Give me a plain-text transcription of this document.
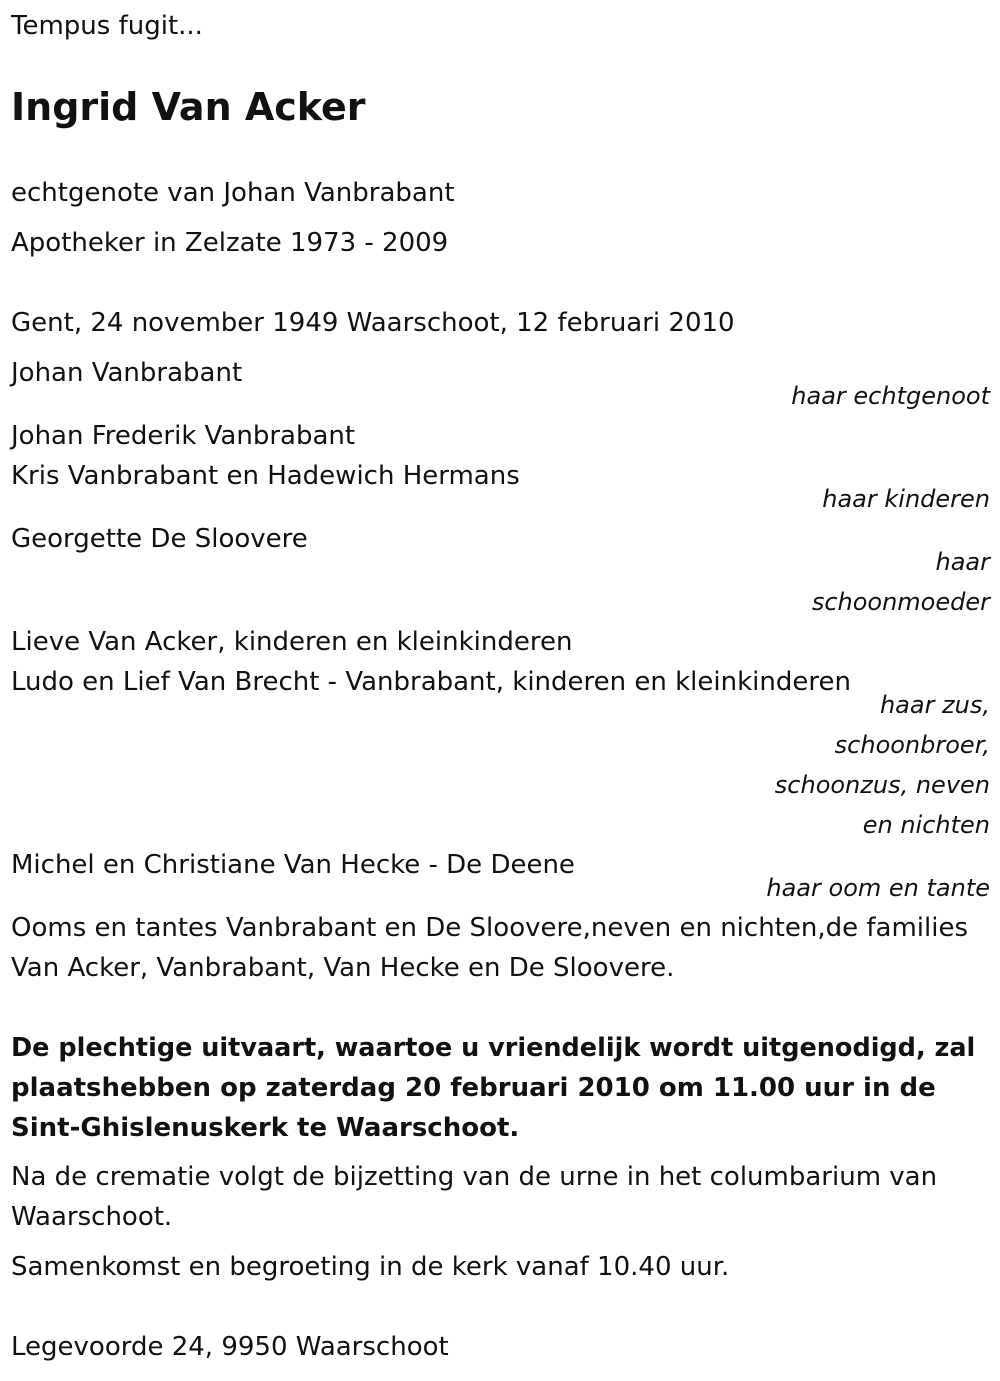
Tempus fugit...
Ingrid Van Acker
echtgenote van Johan Vanbrabant
Apotheker in Zelzate 1973 - 2009
Gent, 24 november 1949 Waarschoot, 12 februari 2010
Johan Vanbrabant
haar echtgenoot
Johan Frederik Vanbrabant
Kris Vanbrabant en Hadewich Hermans
haar kinderen
Georgette De Sloovere
haar
schoonmoeder
Lieve Van Acker, kinderen en kleinkinderen
Ludo en Lief Van Brecht - Vanbrabant, kinderen en kleinkinderen
haar zus,
schoonbroer,
schoonzus, neven
en nichten
Michel en Christiane Van Hecke - De Deene
haar oom en tante
Ooms en tantes Vanbrabant en De Sloovere,neven en nichten,de families
Van Acker, Vanbrabant, Van Hecke en De Sloovere.
De plechtige uitvaart, waartoe u vriendelijk wordt uitgenodigd, zal
plaatshebben op zaterdag 20 februari 2010 om 11.00 uur in de
Sint-Ghislenuskerk te Waarschoot.
Na de crematie volgt de bijzetting van de urne in het columbarium van
Waarschoot.
Samenkomst en begroeting in de kerk vanaf 10.40 uur.
Legevoorde 24, 9950 Waarschoot
